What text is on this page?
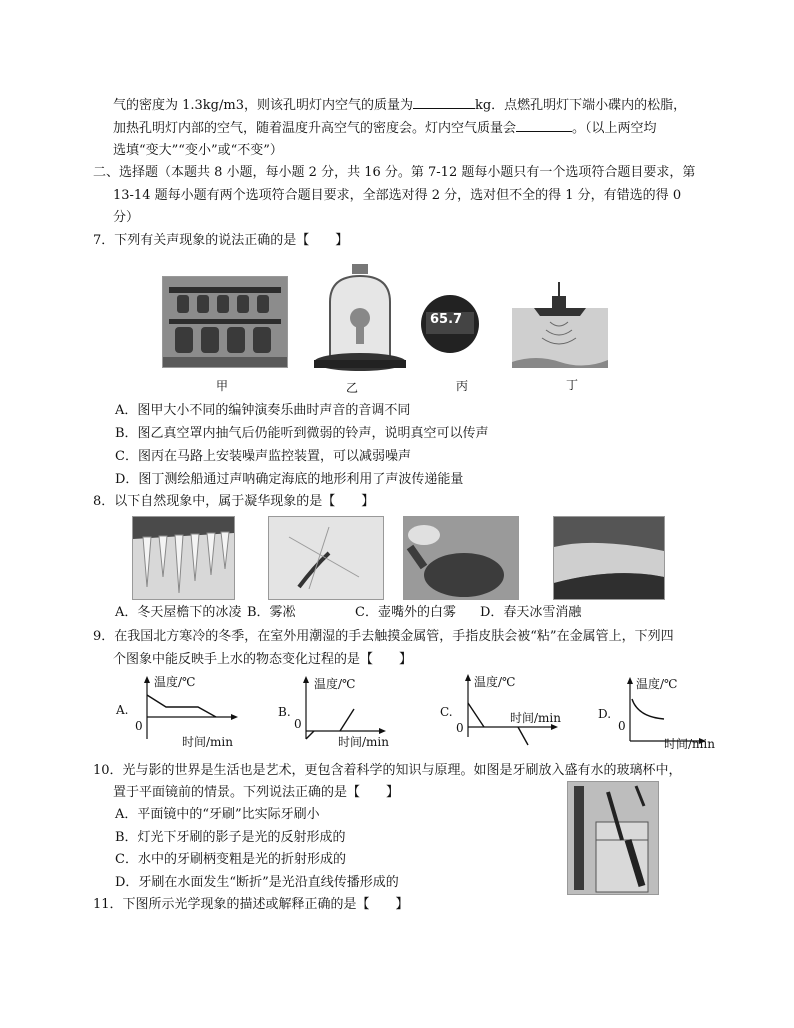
气的密度为 1.3kg/m3，则该孔明灯内空气的质量为	kg．点燃孔明灯下端小碟内的松脂，
加热孔明灯内部的空气，随着温度升高空气的密度会。灯内空气质量会	。（以上两空均
选填“变大”“变小”或“不变”）
二、选择题（本题共 8 小题，每小题 2 分，共 16 分。第 7-12 题每小题只有一个选项符合题目要求，第
13-14 题每小题有两个选项符合题目要求，全部选对得 2 分，选对但不全的得 1 分，有错选的得 0
分）
7．下列有关声现象的说法正确的是【　　】
甲	乙
65.7
丙	丁
A．图甲大小不同的编钟演奏乐曲时声音的音调不同
B．图乙真空罩内抽气后仍能听到微弱的铃声，说明真空可以传声
C．图丙在马路上安装噪声监控装置，可以减弱噪声
D．图丁测绘船通过声呐确定海底的地形利用了声波传递能量
8．以下自然现象中，属于凝华现象的是【　　】
A．冬天屋檐下的冰凌 B．雾凇	C．壶嘴外的白雾 D．春天冰雪消融
9．在我国北方寒冷的冬季，在室外用潮湿的手去触摸金属管，手指皮肤会被“粘”在金属管上，下列四
个图象中能反映手上水的物态变化过程的是【　　】
A.
温度/℃
时间/min
0
B.
温度/℃
时间/min
0
C.
温度/℃
时间/min
0
D.
温度/℃
时间/min
0
10．光与影的世界是生活也是艺术，更包含着科学的知识与原理。如图是牙刷放入盛有水的玻璃杯中，
置于平面镜前的情景。下列说法正确的是【　　】
A．平面镜中的“牙刷”比实际牙刷小
B．灯光下牙刷的影子是光的反射形成的
C．水中的牙刷柄变粗是光的折射形成的
D．牙刷在水面发生“断折”是光沿直线传播形成的
11．下图所示光学现象的描述或解释正确的是【　　】
